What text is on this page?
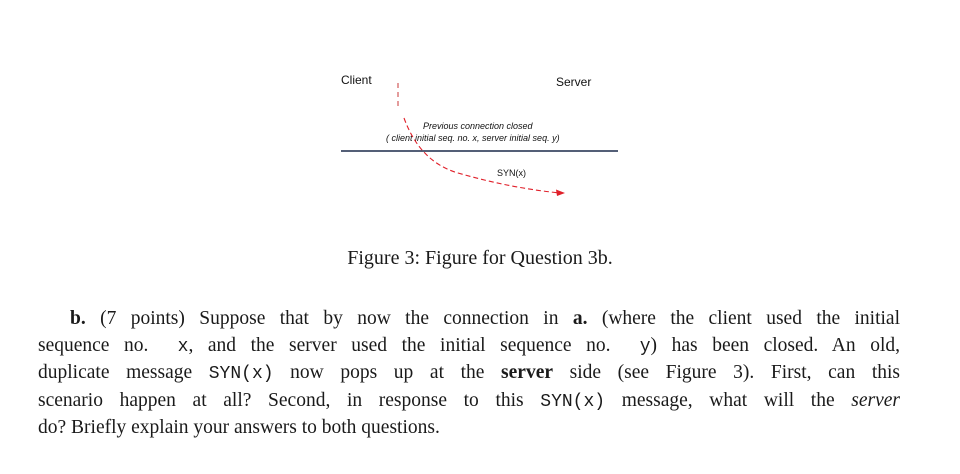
Client	Server
Previous connection closed
( client initial seq. no. x, server initial seq. y)
SYN(x)
Figure 3: Figure for Question 3b.
b. (7 points) Suppose that by now the connection in a. (where the client used the initial
sequence no. x, and the server used the initial sequence no. y) has been closed. An old,
duplicate message SYN(x) now pops up at the server side (see Figure 3). First, can this
scenario happen at all? Second, in response to this SYN(x) message, what will the server
do? Briefly explain your answers to both questions.
